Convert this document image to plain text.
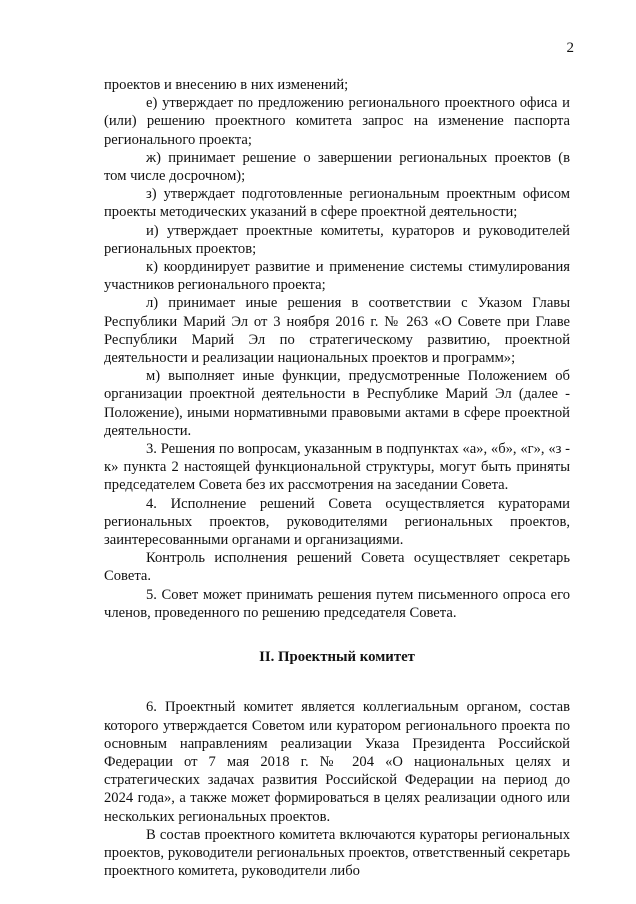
2

проектов и внесению в них изменений;

е) утверждает по предложению регионального проектного офиса и (или) решению проектного комитета запрос на изменение паспорта регионального проекта;

ж) принимает решение о завершении региональных проектов (в том числе досрочном);

з) утверждает подготовленные региональным проектным офисом проекты методических указаний в сфере проектной деятельности;

и) утверждает проектные комитеты, кураторов и руководителей региональных проектов;

к) координирует развитие и применение системы стимулирования участников регионального проекта;

л) принимает иные решения в соответствии с Указом Главы Республики Марий Эл от 3 ноября 2016 г. № 263 «О Совете при Главе Республики Марий Эл по стратегическому развитию, проектной деятельности и реализации национальных проектов и программ»;

м) выполняет иные функции, предусмотренные Положением об организации проектной деятельности в Республике Марий Эл (далее - Положение), иными нормативными правовыми актами в сфере проектной деятельности.

3. Решения по вопросам, указанным в подпунктах «а», «б», «г», «з - к» пункта 2 настоящей функциональной структуры, могут быть приняты председателем Совета без их рассмотрения на заседании Совета.

4. Исполнение решений Совета осуществляется кураторами региональных проектов, руководителями региональных проектов, заинтересованными органами и организациями.

Контроль исполнения решений Совета осуществляет секретарь Совета.

5. Совет может принимать решения путем письменного опроса его членов, проведенного по решению председателя Совета.

II. Проектный комитет

6. Проектный комитет является коллегиальным органом, состав которого утверждается Советом или куратором регионального проекта по основным направлениям реализации Указа Президента Российской Федерации от 7 мая 2018 г. № 204 «О национальных целях и стратегических задачах развития Российской Федерации на период до 2024 года», а также может формироваться в целях реализации одного или нескольких региональных проектов.

В состав проектного комитета включаются кураторы региональных проектов, руководители региональных проектов, ответственный секретарь проектного комитета, руководители либо
